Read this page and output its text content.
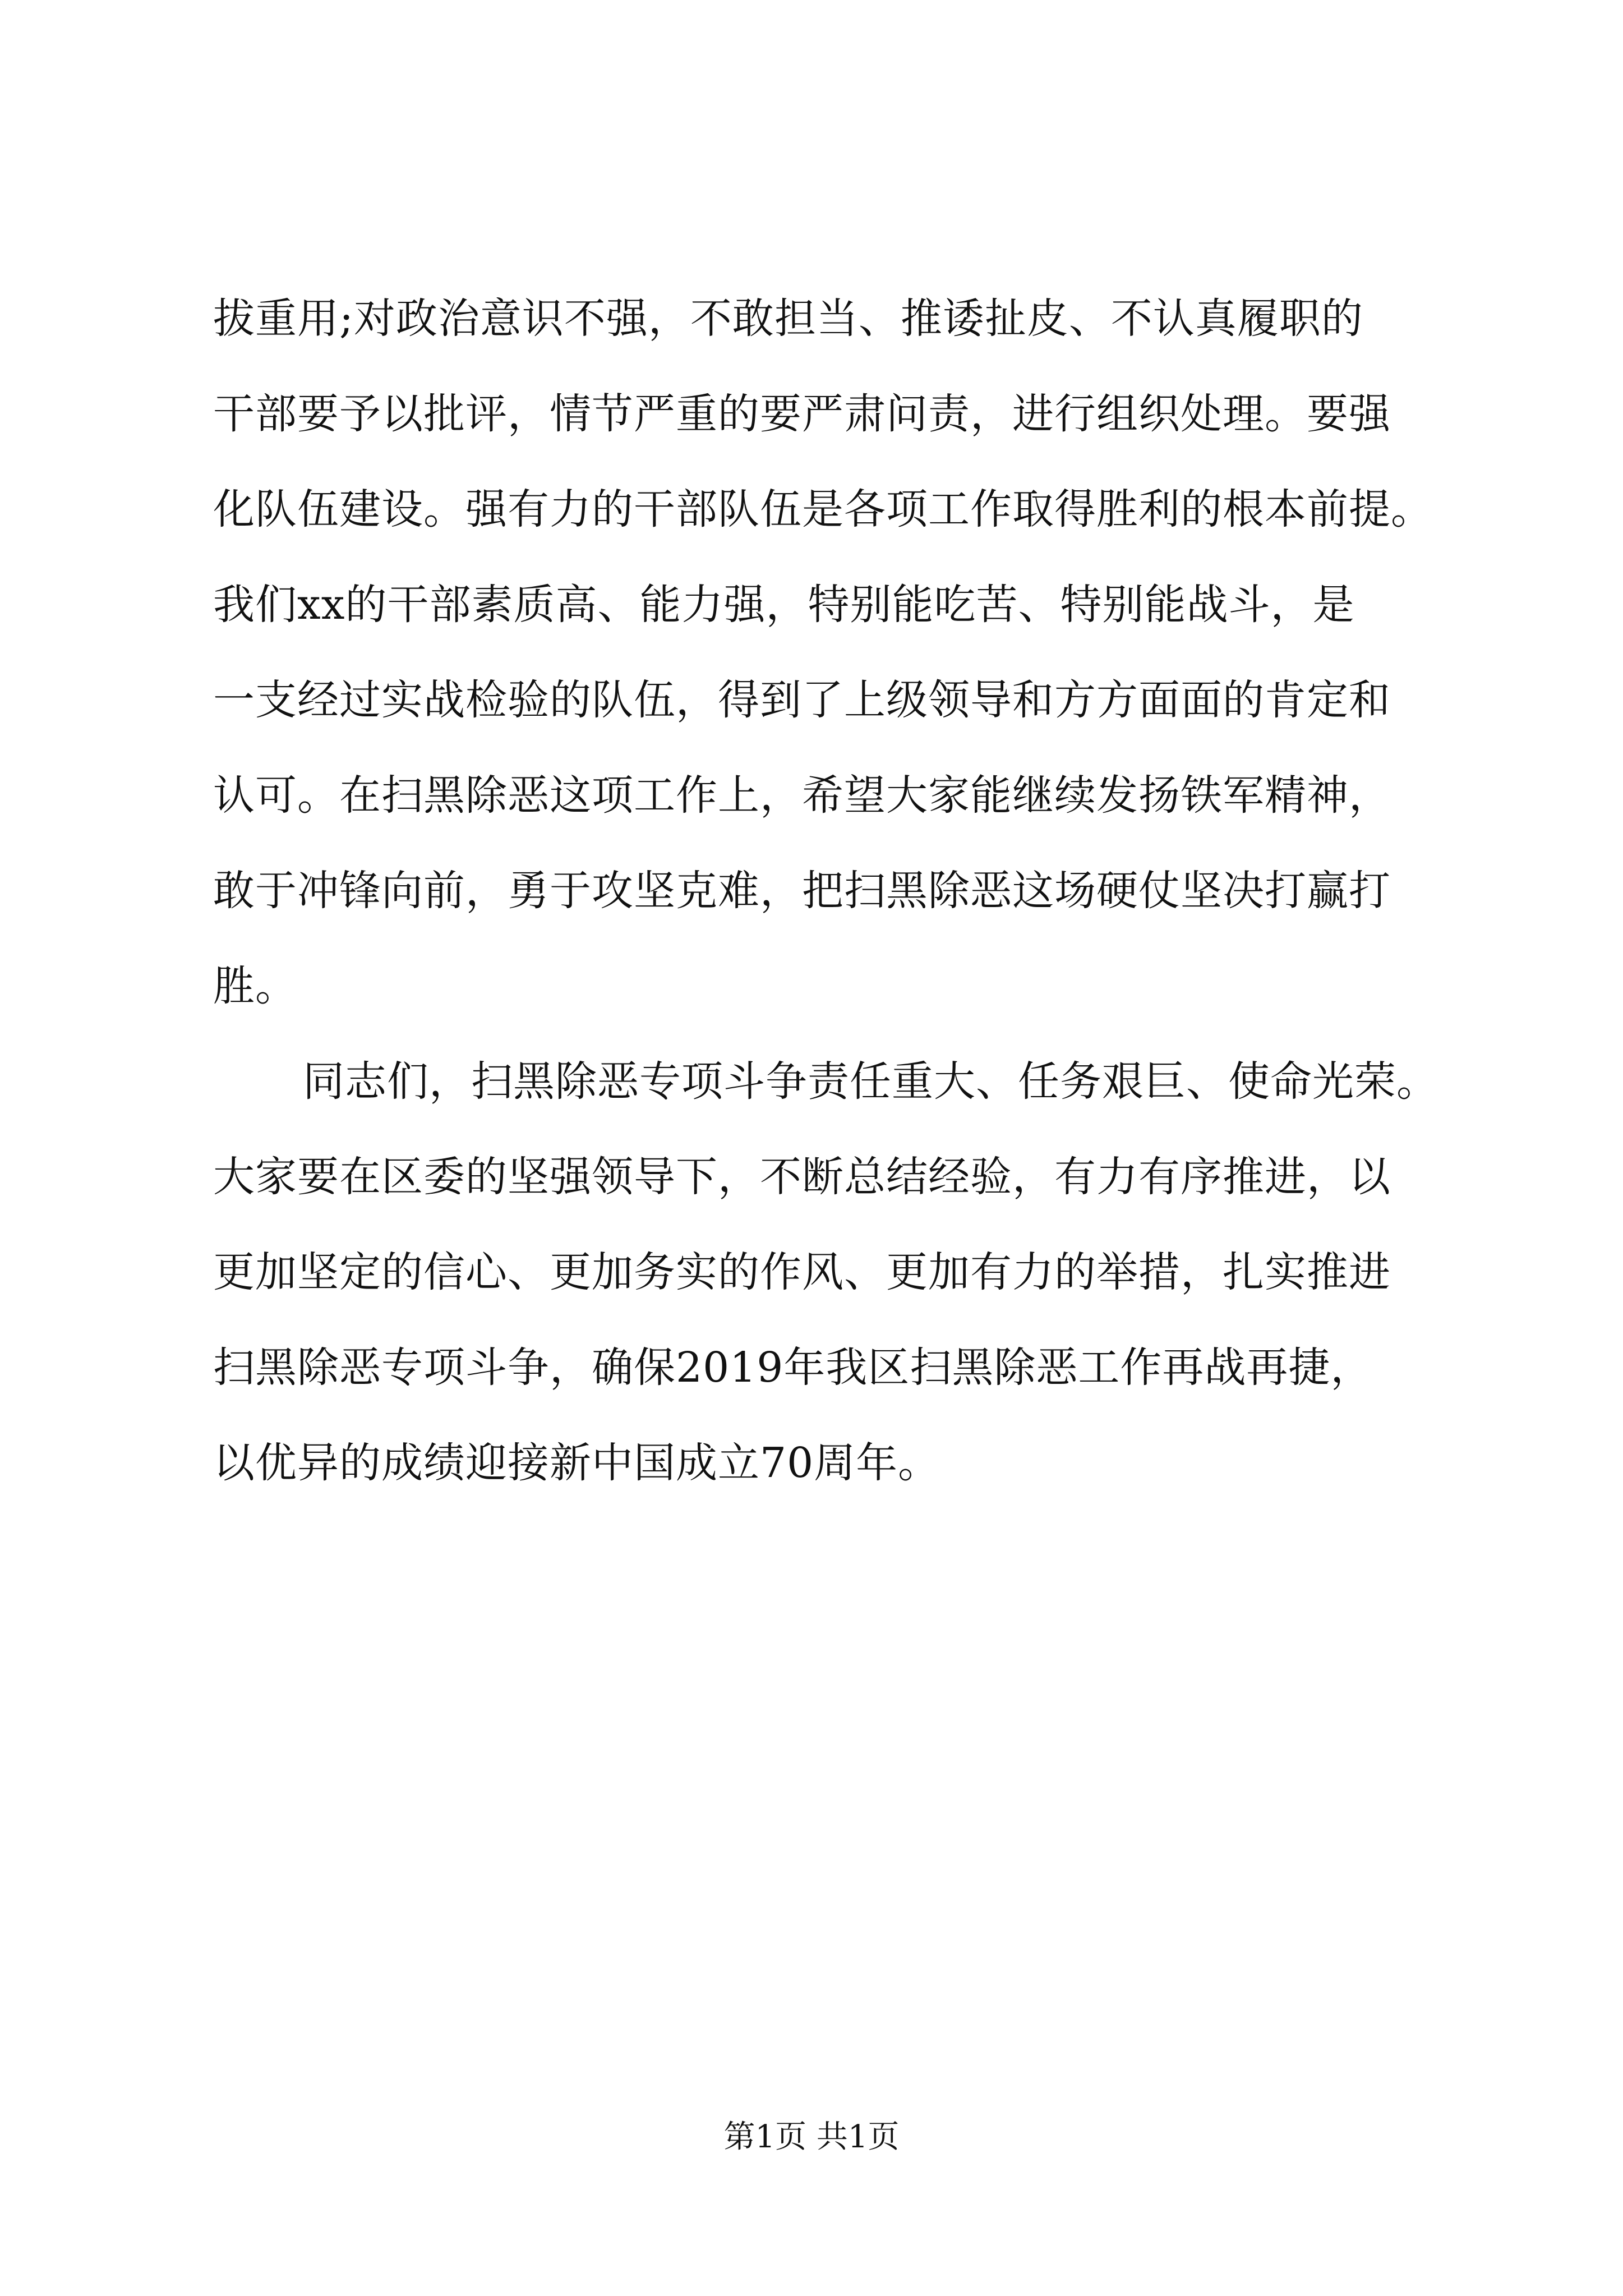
拔重用;对政治意识不强，不敢担当、推诿扯皮、不认真履职的
干部要予以批评，情节严重的要严肃问责，进行组织处理。要强
化队伍建设。强有力的干部队伍是各项工作取得胜利的根本前提。
我们xx的干部素质高、能力强，特别能吃苦、特别能战斗，是
一支经过实战检验的队伍，得到了上级领导和方方面面的肯定和
认可。在扫黑除恶这项工作上，希望大家能继续发扬铁军精神，
敢于冲锋向前，勇于攻坚克难，把扫黑除恶这场硬仗坚决打赢打
胜。
同志们，扫黑除恶专项斗争责任重大、任务艰巨、使命光荣。
大家要在区委的坚强领导下，不断总结经验，有力有序推进，以
更加坚定的信心、更加务实的作风、更加有力的举措，扎实推进
扫黑除恶专项斗争，确保2019年我区扫黑除恶工作再战再捷，
以优异的成绩迎接新中国成立70周年。
第1页 共1页
